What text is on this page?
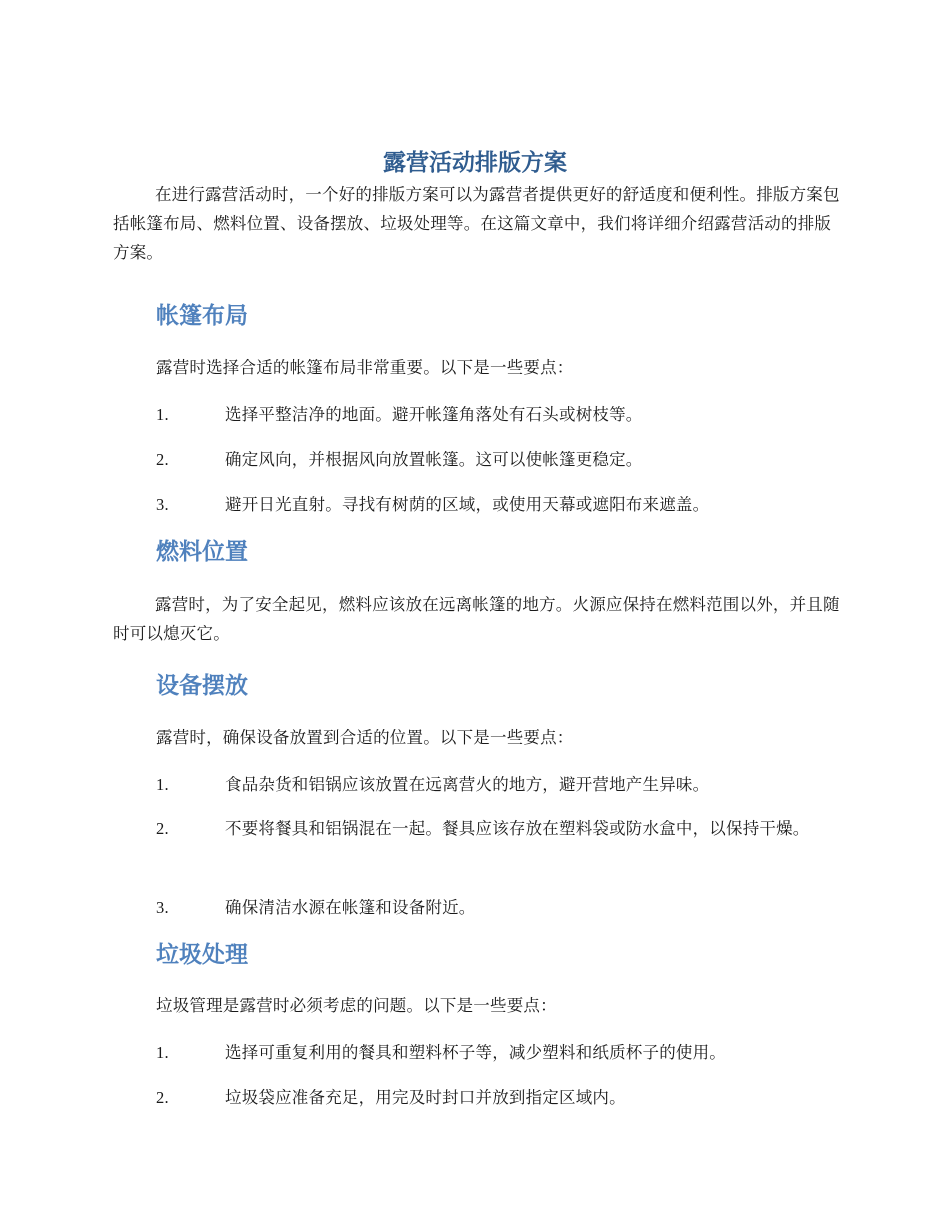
露营活动排版方案

在进行露营活动时，一个好的排版方案可以为露营者提供更好的舒适度和便利性。排版方案包括帐篷布局、燃料位置、设备摆放、垃圾处理等。在这篇文章中，我们将详细介绍露营活动的排版方案。

帐篷布局

露营时选择合适的帐篷布局非常重要。以下是一些要点：

1.	选择平整洁净的地面。避开帐篷角落处有石头或树枝等。
2.	确定风向，并根据风向放置帐篷。这可以使帐篷更稳定。
3.	避开日光直射。寻找有树荫的区域，或使用天幕或遮阳布来遮盖。
燃料位置

露营时，为了安全起见，燃料应该放在远离帐篷的地方。火源应保持在燃料范围以外，并且随时可以熄灭它。

设备摆放

露营时，确保设备放置到合适的位置。以下是一些要点：

1.	食品杂货和铝锅应该放置在远离营火的地方，避开营地产生异味。
2.	不要将餐具和铝锅混在一起。餐具应该存放在塑料袋或防水盒中，以保持干燥。
3.	确保清洁水源在帐篷和设备附近。
垃圾处理

垃圾管理是露营时必须考虑的问题。以下是一些要点：

1.	选择可重复利用的餐具和塑料杯子等，减少塑料和纸质杯子的使用。
2.	垃圾袋应准备充足，用完及时封口并放到指定区域内。
